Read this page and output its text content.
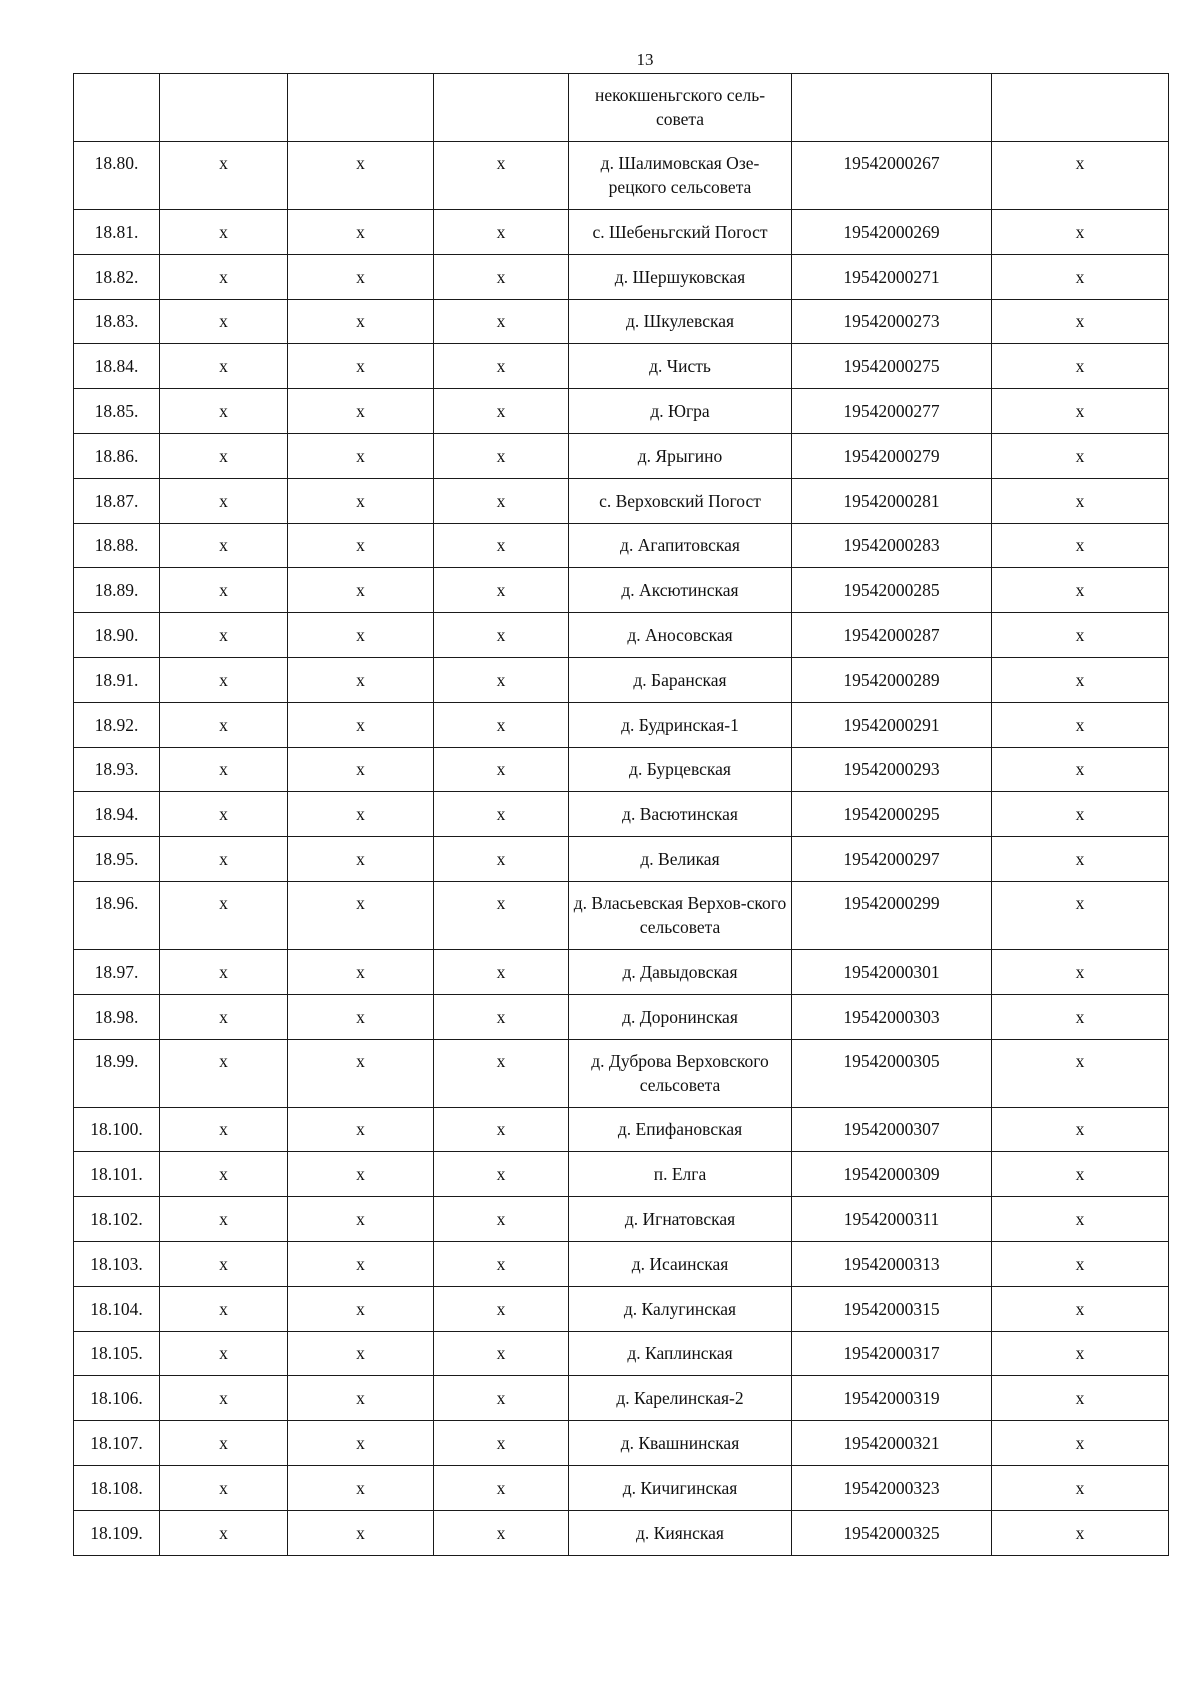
13
				некокшеньгского сель-совета		
18.80.	х	х	х	д. Шалимовская Озе-рецкого сельсовета	19542000267	х
18.81.	х	х	х	с. Шебеньгский Погост	19542000269	х
18.82.	х	х	х	д. Шершуковская	19542000271	х
18.83.	х	х	х	д. Шкулевская	19542000273	х
18.84.	х	х	х	д. Чисть	19542000275	х
18.85.	х	х	х	д. Югра	19542000277	х
18.86.	х	х	х	д. Ярыгино	19542000279	х
18.87.	х	х	х	с. Верховский Погост	19542000281	х
18.88.	х	х	х	д. Агапитовская	19542000283	х
18.89.	х	х	х	д. Аксютинская	19542000285	х
18.90.	х	х	х	д. Аносовская	19542000287	х
18.91.	х	х	х	д. Баранская	19542000289	х
18.92.	х	х	х	д. Будринская-1	19542000291	х
18.93.	х	х	х	д. Бурцевская	19542000293	х
18.94.	х	х	х	д. Васютинская	19542000295	х
18.95.	х	х	х	д. Великая	19542000297	х
18.96.	х	х	х	д. Власьевская Верхов-ского сельсовета	19542000299	х
18.97.	х	х	х	д. Давыдовская	19542000301	х
18.98.	х	х	х	д. Доронинская	19542000303	х
18.99.	х	х	х	д. Дуброва Верховского сельсовета	19542000305	х
18.100.	х	х	х	д. Епифановская	19542000307	х
18.101.	х	х	х	п. Елга	19542000309	х
18.102.	х	х	х	д. Игнатовская	19542000311	х
18.103.	х	х	х	д. Исаинская	19542000313	х
18.104.	х	х	х	д. Калугинская	19542000315	х
18.105.	х	х	х	д. Каплинская	19542000317	х
18.106.	х	х	х	д. Карелинская-2	19542000319	х
18.107.	х	х	х	д. Квашнинская	19542000321	х
18.108.	х	х	х	д. Кичигинская	19542000323	х
18.109.	х	х	х	д. Киянская	19542000325	х
